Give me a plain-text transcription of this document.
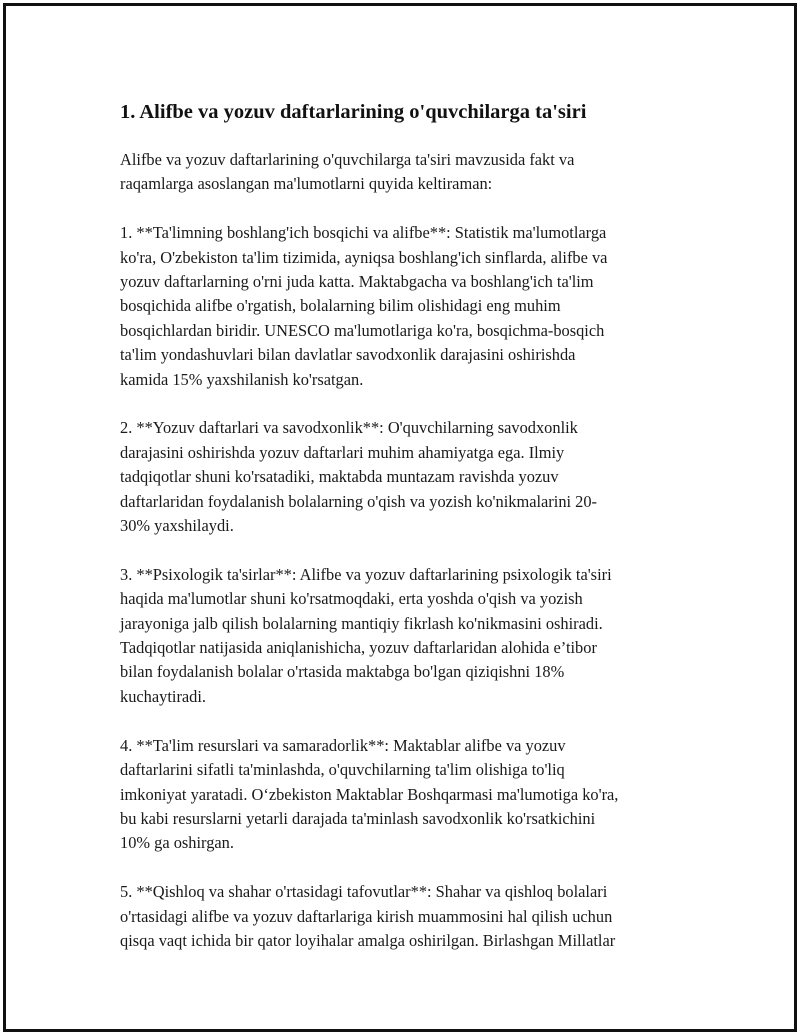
1. Alifbe va yozuv daftarlarining o'quvchilarga ta'siri

Alifbe va yozuv daftarlarining o'quvchilarga ta'siri mavzusida fakt va
raqamlarga asoslangan ma'lumotlarni quyida keltiraman:

1. **Ta'limning boshlang'ich bosqichi va alifbe**: Statistik ma'lumotlarga
ko'ra, O'zbekiston ta'lim tizimida, ayniqsa boshlang'ich sinflarda, alifbe va
yozuv daftarlarning o'rni juda katta. Maktabgacha va boshlang'ich ta'lim
bosqichida alifbe o'rgatish, bolalarning bilim olishidagi eng muhim
bosqichlardan biridir. UNESCO ma'lumotlariga ko'ra, bosqichma-bosqich
ta'lim yondashuvlari bilan davlatlar savodxonlik darajasini oshirishda
kamida 15% yaxshilanish ko'rsatgan.

2. **Yozuv daftarlari va savodxonlik**: O'quvchilarning savodxonlik
darajasini oshirishda yozuv daftarlari muhim ahamiyatga ega. Ilmiy
tadqiqotlar shuni ko'rsatadiki, maktabda muntazam ravishda yozuv
daftarlaridan foydalanish bolalarning o'qish va yozish ko'nikmalarini 20-
30% yaxshilaydi.

3. **Psixologik ta'sirlar**: Alifbe va yozuv daftarlarining psixologik ta'siri
haqida ma'lumotlar shuni ko'rsatmoqdaki, erta yoshda o'qish va yozish
jarayoniga jalb qilish bolalarning mantiqiy fikrlash ko'nikmasini oshiradi.
Tadqiqotlar natijasida aniqlanishicha, yozuv daftarlaridan alohida e’tibor
bilan foydalanish bolalar o'rtasida maktabga bo'lgan qiziqishni 18%
kuchaytiradi.

4. **Ta'lim resurslari va samaradorlik**: Maktablar alifbe va yozuv
daftarlarini sifatli ta'minlashda, o'quvchilarning ta'lim olishiga to'liq
imkoniyat yaratadi. O‘zbekiston Maktablar Boshqarmasi ma'lumotiga ko'ra,
bu kabi resurslarni yetarli darajada ta'minlash savodxonlik ko'rsatkichini
10% ga oshirgan.

5. **Qishloq va shahar o'rtasidagi tafovutlar**: Shahar va qishloq bolalari
o'rtasidagi alifbe va yozuv daftarlariga kirish muammosini hal qilish uchun
qisqa vaqt ichida bir qator loyihalar amalga oshirilgan. Birlashgan Millatlar
